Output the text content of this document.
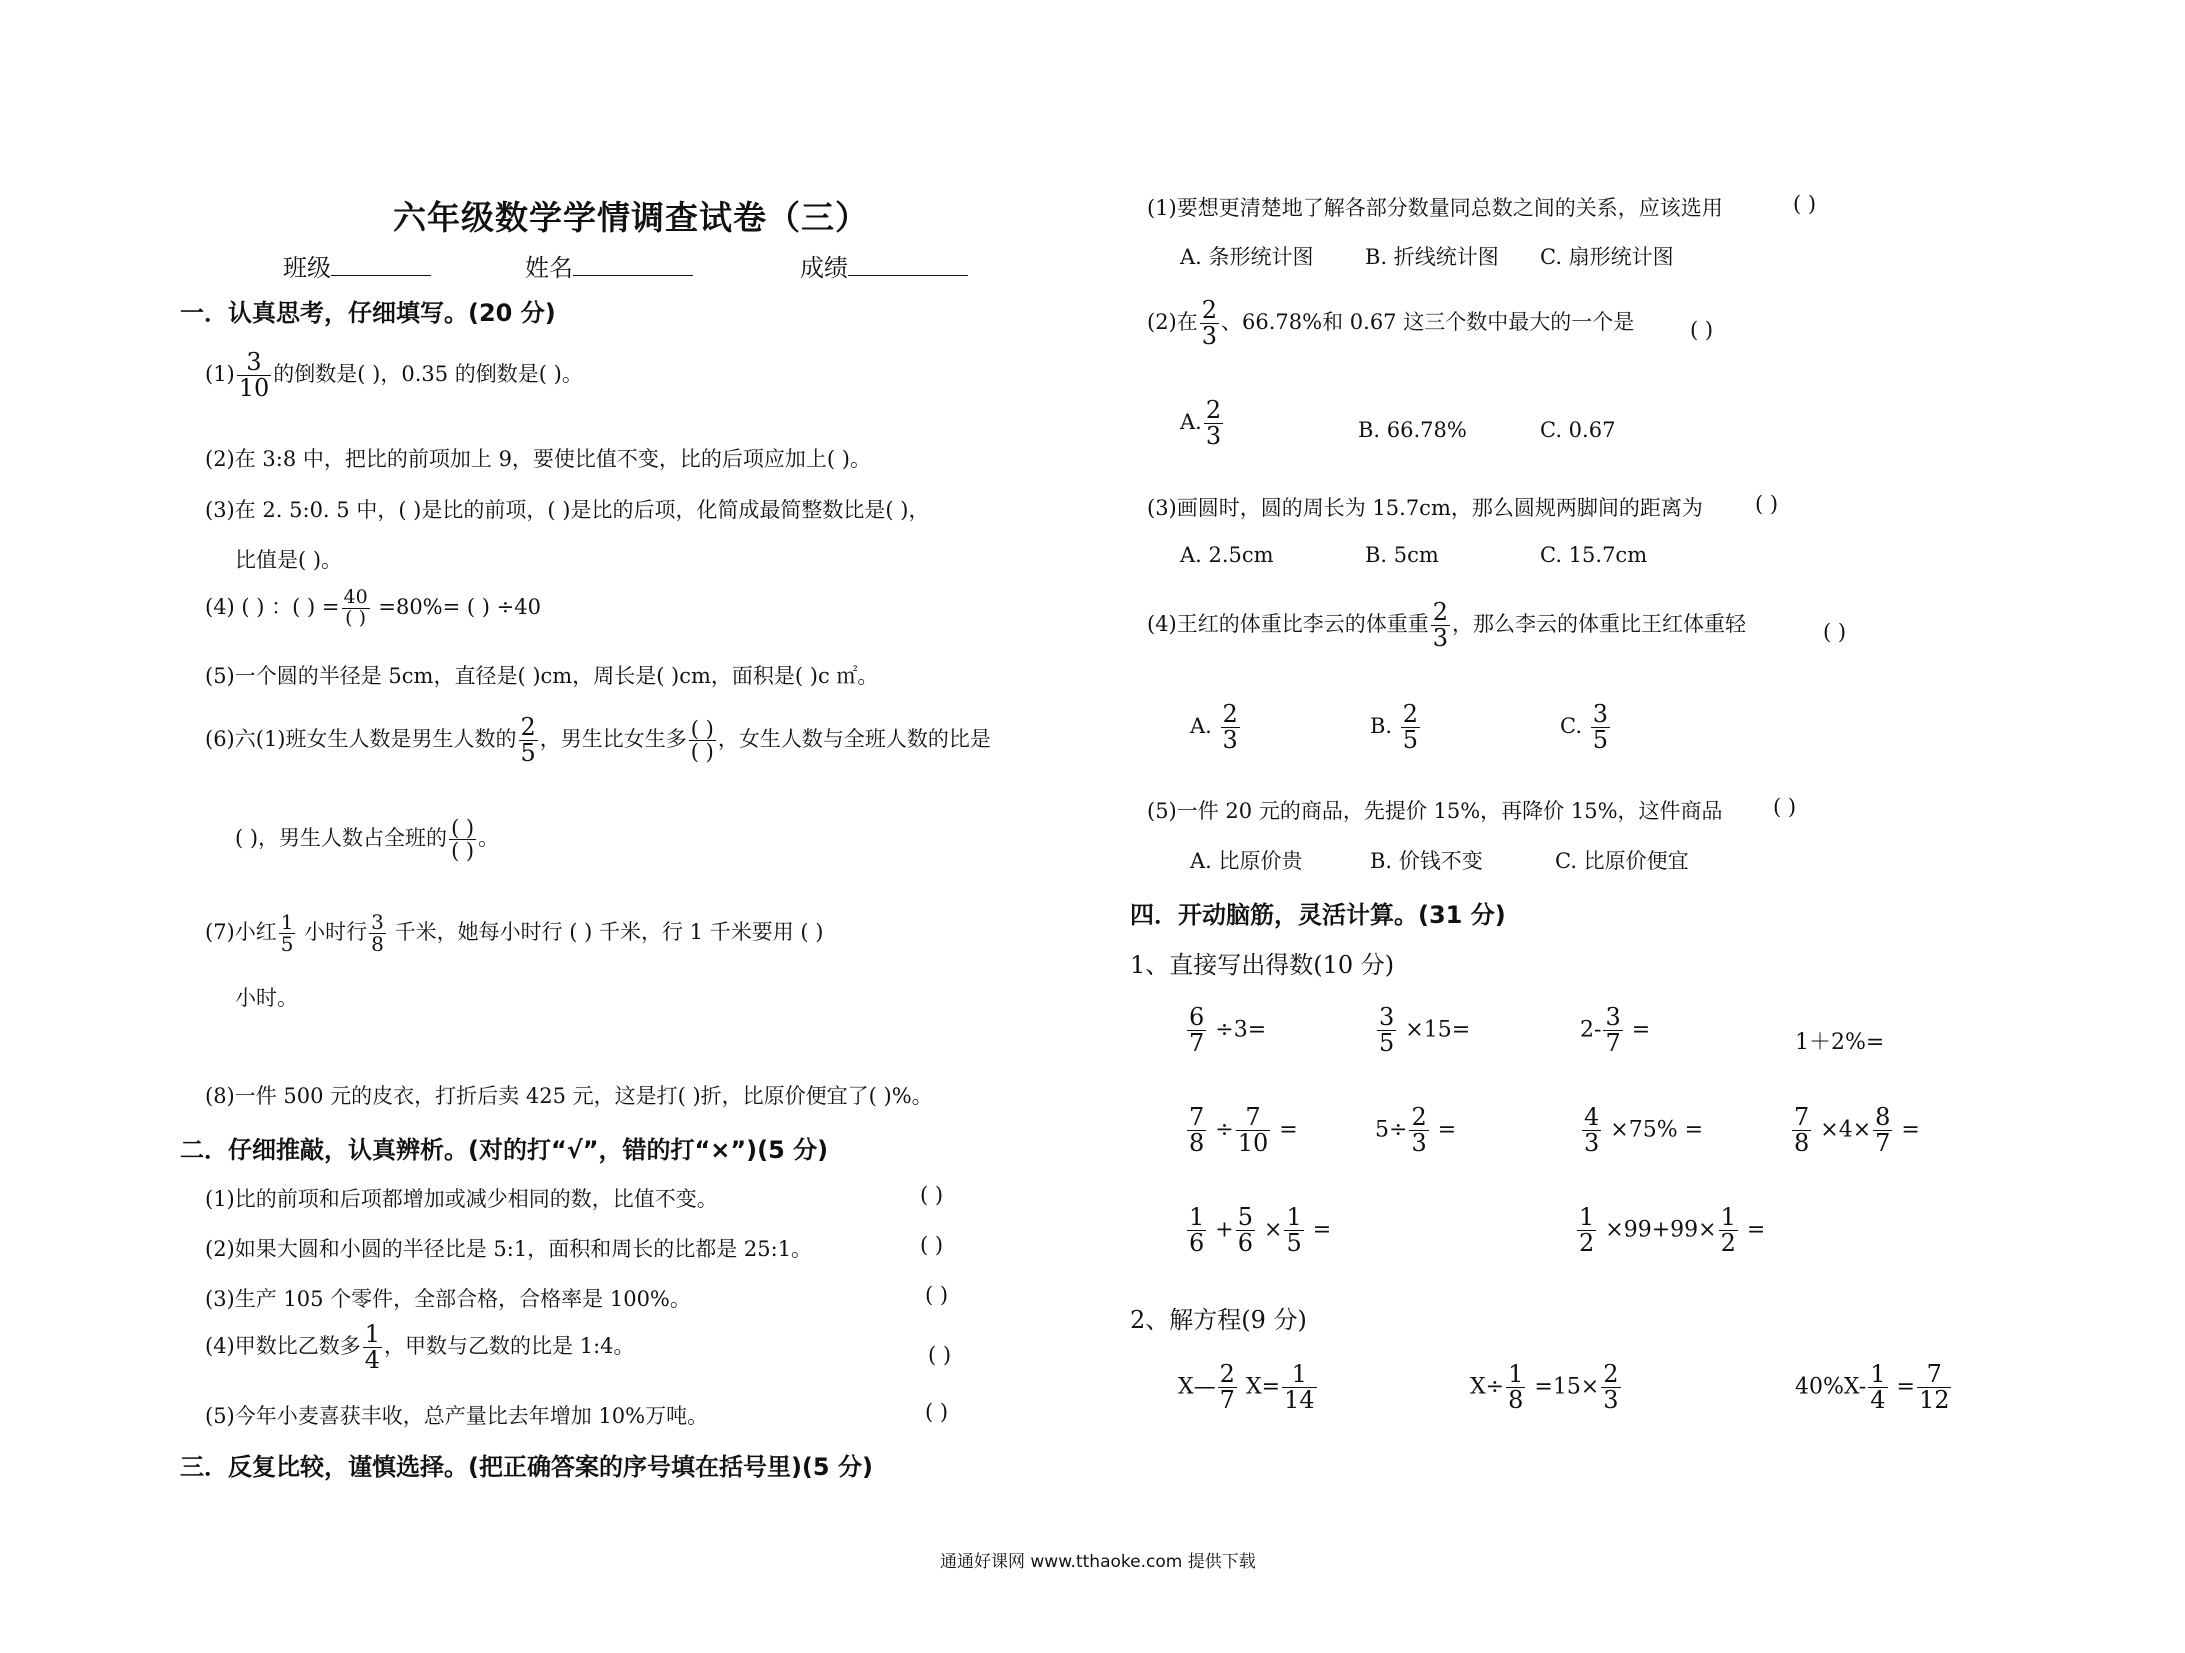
六年级数学学情调查试卷（三）
班级	姓名	成绩
一．认真思考，仔细填写。(20 分)
$(1) \frac{3}{10}$ 的倒数是( )，0.35 的倒数是( )。
(2)在 3:8 中，把比的前项加上 9，要使比值不变，比的后项应加上( )。
(3)在 2. 5:0. 5 中，( )是比的前项，( )是比的后项，化简成最简整数比是( )，
比值是( )。
(4) ( ) ：( ) = $\frac{40}{( )} =80\%=$ ( ) ÷40
(5)一个圆的半径是 5cm，直径是( )cm，周长是( )cm，面积是( )c ㎡。
(6)六(1)班女生人数是男生人数的 $\frac{2}{5}$ ，男生比女生多 $\frac{( )}{( )}$ ，女生人数与全班人数的比是
( )，男生人数占全班的 $\frac{( )}{( )}$ 。
(7)小红 $\frac{1}{5}$ 小时行 $\frac{3}{8}$ 千米，她每小时行 ( ) 千米，行 1 千米要用 ( )
小时。
(8)一件 500 元的皮衣，打折后卖 425 元，这是打( )折，比原价便宜了( )%。
二．仔细推敲，认真辨析。(对的打“√”，错的打“×”)(5 分)
(1)比的前项和后项都增加或减少相同的数，比值不变。	( )
(2)如果大圆和小圆的半径比是 5:1，面积和周长的比都是 25:1。	( )
(3)生产 105 个零件，全部合格，合格率是 100%。	( )
(4)甲数比乙数多 $\frac{1}{4}$ ，甲数与乙数的比是 1:4。	( )
(5)今年小麦喜获丰收，总产量比去年增加 10%万吨。	( )
三．反复比较，谨慎选择。(把正确答案的序号填在括号里)(5 分)
(1)要想更清楚地了解各部分数量同总数之间的关系，应该选用	( )
A. 条形统计图 B. 折线统计图 C. 扇形统计图
(2)在 $\frac{2}{3}$ 、66.78%和 0.67 这三个数中最大的一个是	( )
A. $\frac{2}{3}$	B. 66.78%	C. 0.67
(3)画圆时，圆的周长为 15.7cm，那么圆规两脚间的距离为 ( )
A. 2.5cm	B. 5cm	C. 15.7cm
(4)王红的体重比李云的体重重 $\frac{2}{3}$ ，那么李云的体重比王红体重轻	( )
A. $\frac{2}{3}$	B. $\frac{2}{5}$	C. $\frac{3}{5}$
(5)一件 20 元的商品，先提价 15%，再降价 15%，这件商品 ( )
A. 比原价贵	B. 价钱不变	C. 比原价便宜
四．开动脑筋，灵活计算。(31 分)
1、直接写出得数(10 分)
$\frac{6}{7} \div 3=$	$\frac{3}{5} \times 15=$	$2- \frac{3}{7}$ =	1＋2%=
$\frac{7}{8} \div \frac{7}{10}$ =	$5\div \frac{2}{3}$ =	$\frac{4}{3} \times 75\%$ =	$\frac{7}{8} \times 4\times \frac{8}{7}$ =
$\frac{1}{6} + \frac{5}{6} \times \frac{1}{5}$ =	$\frac{1}{2} \times 99+99\times \frac{1}{2}$ =
2、解方程(9 分)
X— $\frac{2}{7} X= \frac{1}{14}$	$X\div \frac{1}{8} =15\times \frac{2}{3}$	$40\%X- \frac{1}{4} = \frac{7}{12}$
通通好课网 www.tthaoke.com 提供下载
